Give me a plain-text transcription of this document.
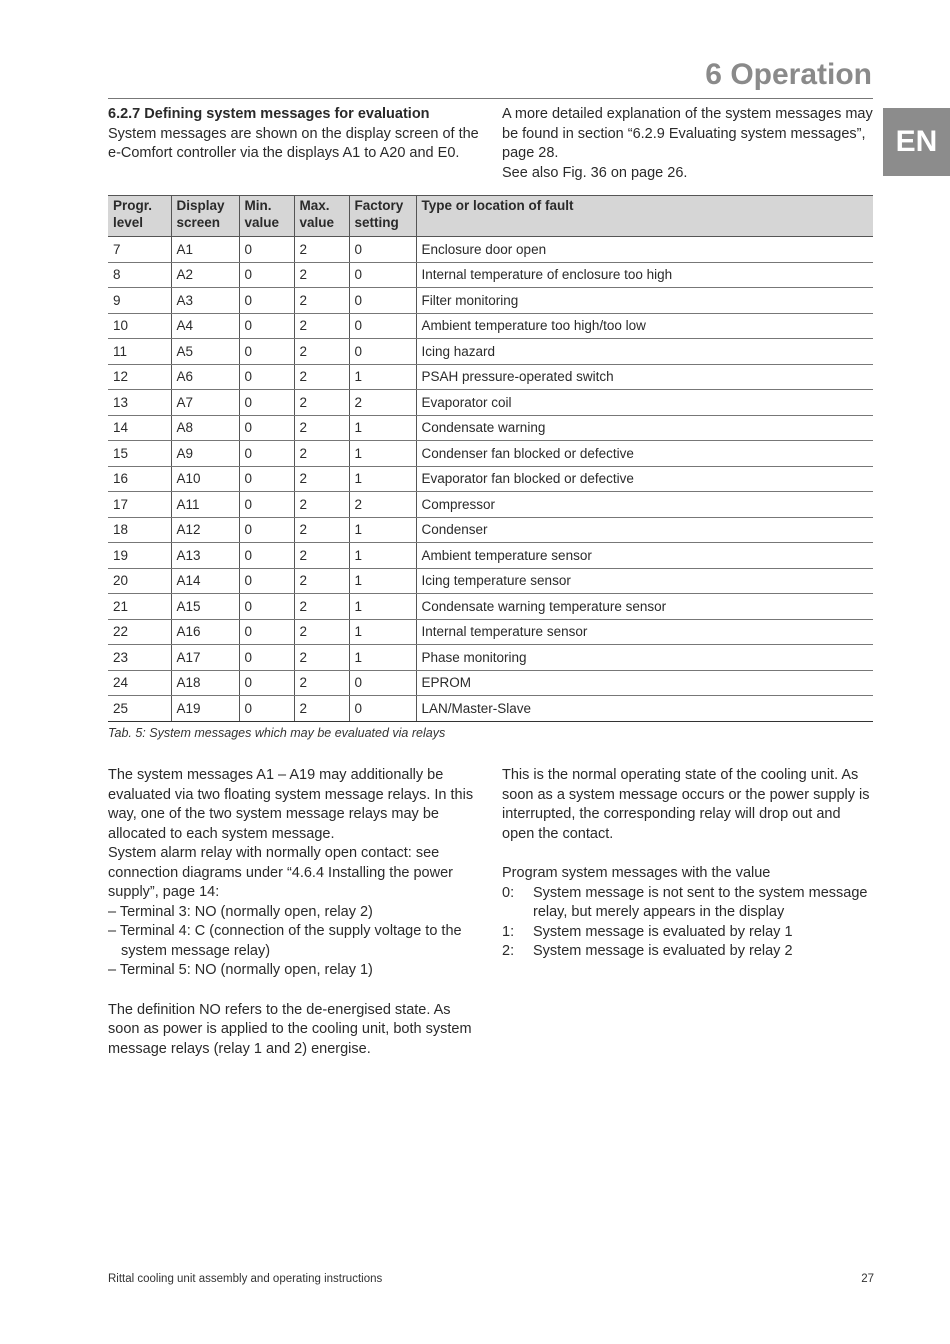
6 Operation
EN
6.2.7 Defining system messages for evaluation

System messages are shown on the display screen of the e-Comfort controller via the displays A1 to A20 and E0.

A more detailed explanation of the system messages may be found in section “6.2.9 Evaluating system messages”, page 28.

See also Fig. 36 on page 26.

Progr. level	Display screen	Min. value	Max. value	Factory setting	Type or location of fault
7	A1	0	2	0	Enclosure door open
8	A2	0	2	0	Internal temperature of enclosure too high
9	A3	0	2	0	Filter monitoring
10	A4	0	2	0	Ambient temperature too high/too low
11	A5	0	2	0	Icing hazard
12	A6	0	2	1	PSAH pressure-operated switch
13	A7	0	2	2	Evaporator coil
14	A8	0	2	1	Condensate warning
15	A9	0	2	1	Condenser fan blocked or defective
16	A10	0	2	1	Evaporator fan blocked or defective
17	A11	0	2	2	Compressor
18	A12	0	2	1	Condenser
19	A13	0	2	1	Ambient temperature sensor
20	A14	0	2	1	Icing temperature sensor
21	A15	0	2	1	Condensate warning temperature sensor
22	A16	0	2	1	Internal temperature sensor
23	A17	0	2	1	Phase monitoring
24	A18	0	2	0	EPROM
25	A19	0	2	0	LAN/Master-Slave
Tab. 5: System messages which may be evaluated via relays

The system messages A1 – A19 may additionally be evaluated via two floating system message relays. In this way, one of the two system message relays may be allocated to each system message.

System alarm relay with normally open contact: see connection diagrams under “4.6.4 Installing the power supply”, page 14:

– Terminal 3: NO (normally open, relay 2)
– Terminal 4: C (connection of the supply voltage to the system message relay)
– Terminal 5: NO (normally open, relay 1)

The definition NO refers to the de-energised state. As soon as power is applied to the cooling unit, both system message relays (relay 1 and 2) energise.

This is the normal operating state of the cooling unit. As soon as a system message occurs or the power supply is interrupted, the corresponding relay will drop out and open the contact.

Program system messages with the value

0:	System message is not sent to the system message relay, but merely appears in the display
1:	System message is evaluated by relay 1
2:	System message is evaluated by relay 2
Rittal cooling unit assembly and operating instructions	27
